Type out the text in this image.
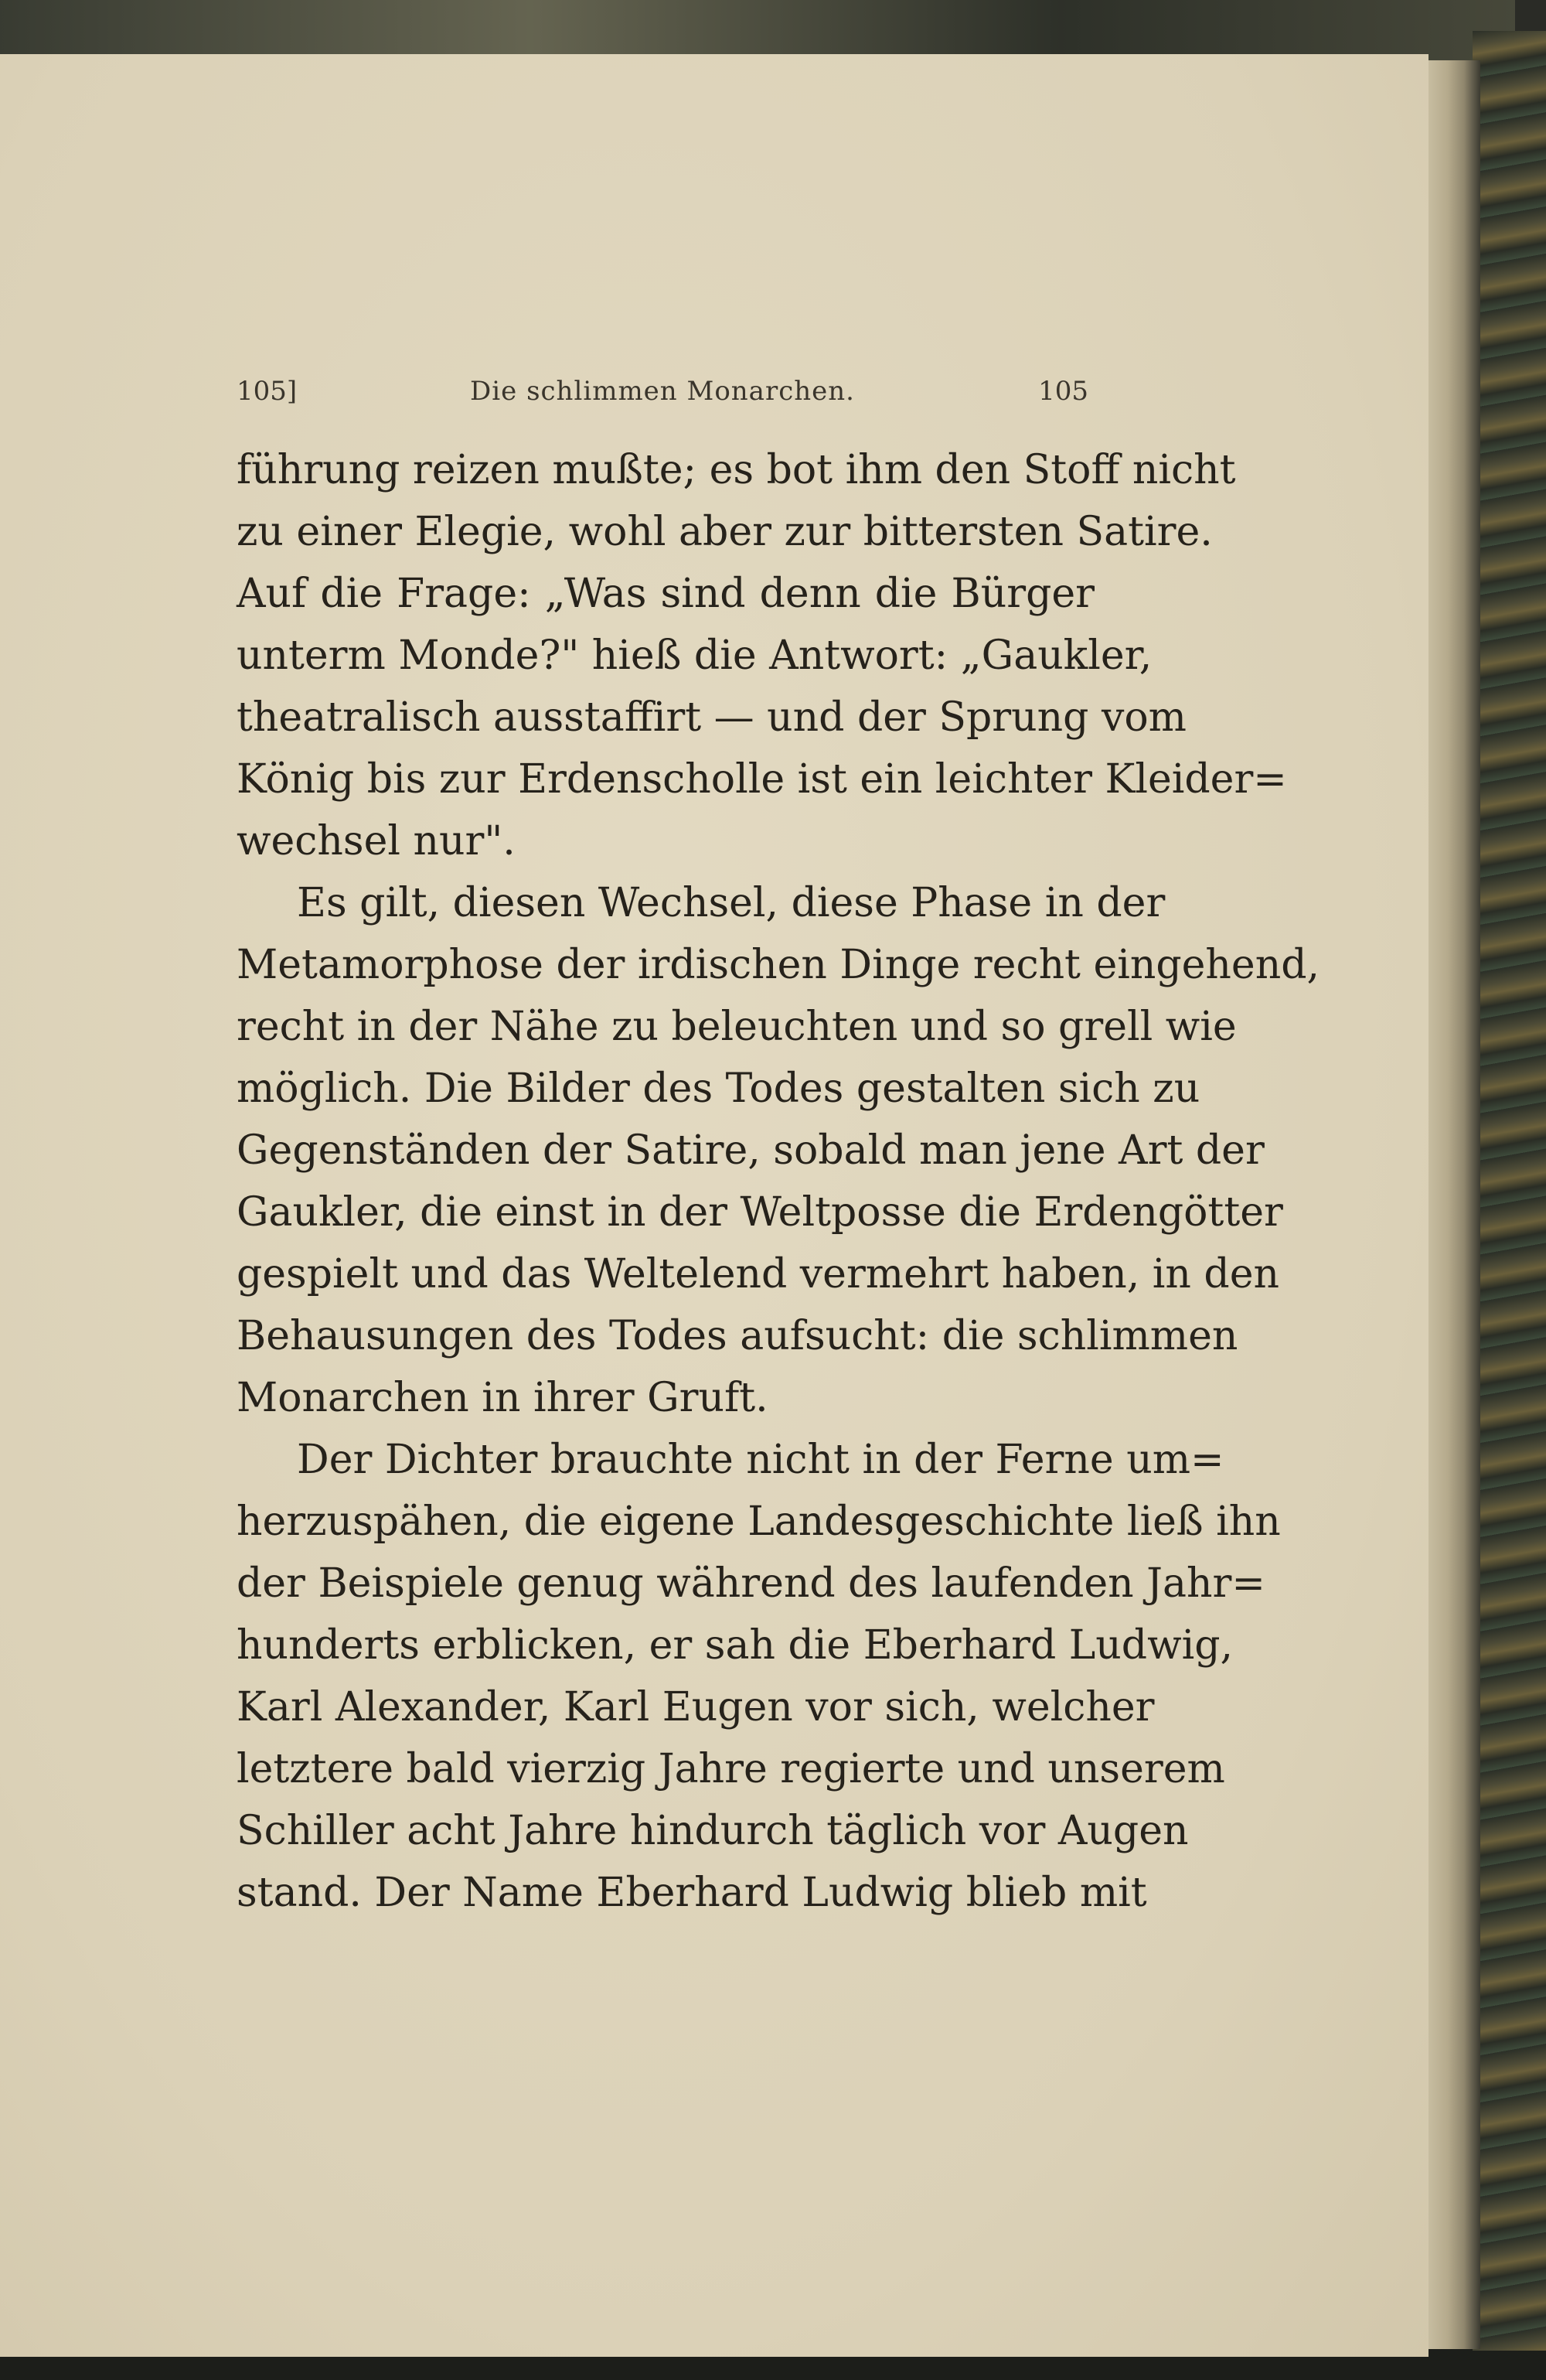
105]	Die schlimmen Monarchen.	105
führung reizen mußte; es bot ihm den Stoff nicht
zu einer Elegie, wohl aber zur bittersten Satire.
Auf die Frage: „Was sind denn die Bürger
unterm Monde?" hieß die Antwort: „Gaukler,
theatralisch ausstaffirt — und der Sprung vom
König bis zur Erdenscholle ist ein leichter Kleider=
wechsel nur".
Es gilt, diesen Wechsel, diese Phase in der
Metamorphose der irdischen Dinge recht eingehend,
recht in der Nähe zu beleuchten und so grell wie
möglich. Die Bilder des Todes gestalten sich zu
Gegenständen der Satire, sobald man jene Art der
Gaukler, die einst in der Weltposse die Erdengötter
gespielt und das Weltelend vermehrt haben, in den
Behausungen des Todes aufsucht: die schlimmen
Monarchen in ihrer Gruft.
Der Dichter brauchte nicht in der Ferne um=
herzuspähen, die eigene Landesgeschichte ließ ihn
der Beispiele genug während des laufenden Jahr=
hunderts erblicken, er sah die Eberhard Ludwig,
Karl Alexander, Karl Eugen vor sich, welcher
letztere bald vierzig Jahre regierte und unserem
Schiller acht Jahre hindurch täglich vor Augen
stand. Der Name Eberhard Ludwig blieb mit
